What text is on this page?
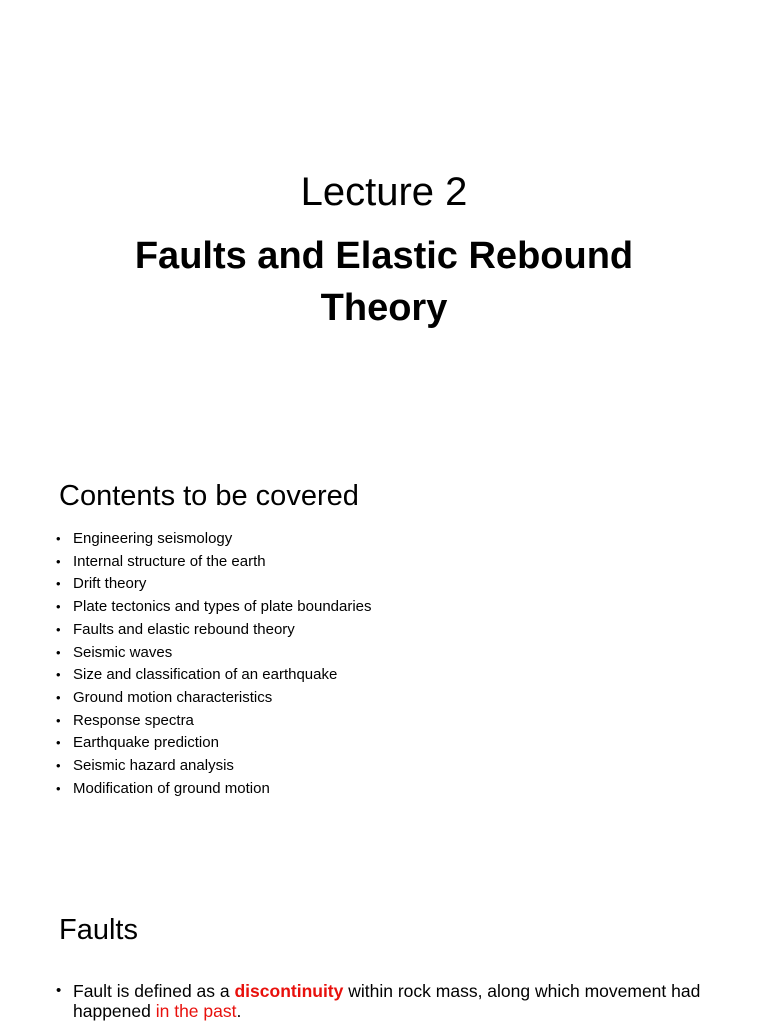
Lecture 2
Faults and Elastic Rebound
Theory
Contents to be covered
• Engineering seismology
• Internal structure of the earth
• Drift theory
• Plate tectonics and types of plate boundaries
• Faults and elastic rebound theory
• Seismic waves
• Size and classification of an earthquake
• Ground motion characteristics
• Response spectra
• Earthquake prediction
• Seismic hazard analysis
• Modification of ground motion
Faults
• Fault is defined as a discontinuity within rock mass, along which movement had happened in the past.
